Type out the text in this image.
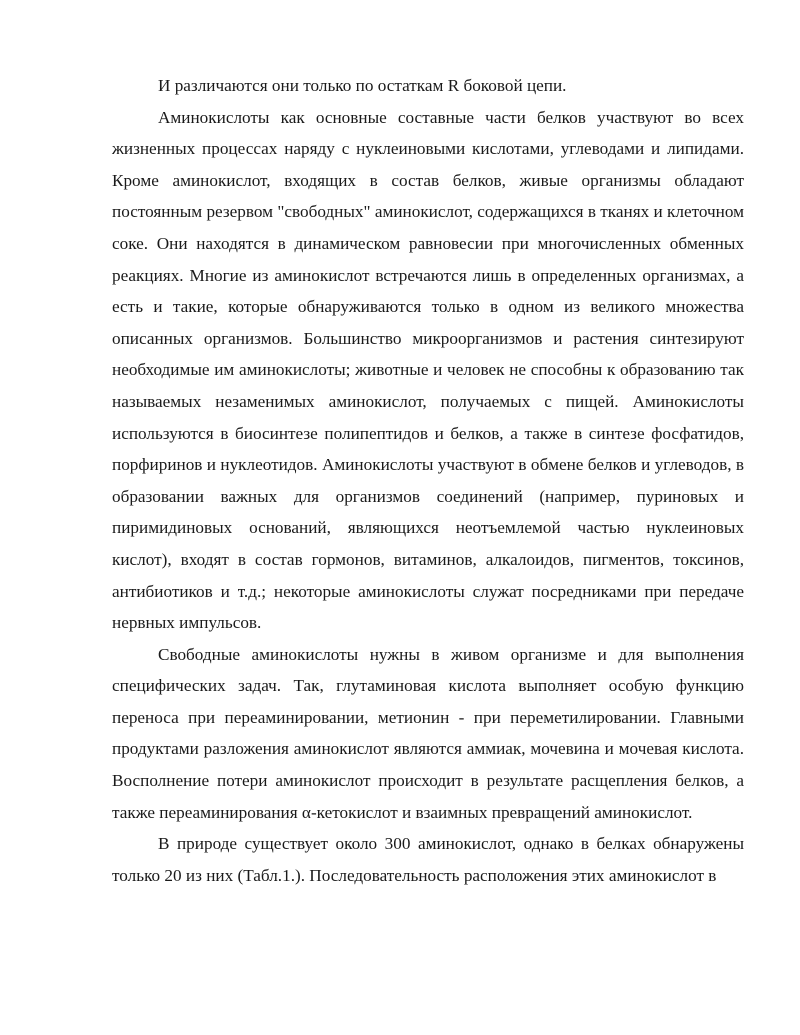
И различаются они только по остаткам R боковой цепи.

Аминокислоты как основные составные части белков участвуют во всех жизненных процессах наряду с нуклеиновыми кислотами, углеводами и липидами. Кроме аминокислот, входящих в состав белков, живые организмы обладают постоянным резервом "свободных" аминокислот, содержащихся в тканях и клеточном соке. Они находятся в динамическом равновесии при многочисленных обменных реакциях. Многие из аминокислот встречаются лишь в определенных организмах, а есть и такие, которые обнаруживаются только в одном из великого множества описанных организмов. Большинство микроорганизмов и растения синтезируют необходимые им аминокислоты; животные и человек не способны к образованию так называемых незаменимых аминокислот, получаемых с пищей. Аминокислоты используются в биосинтезе полипептидов и белков, а также в синтезе фосфатидов, порфиринов и нуклеотидов. Аминокислоты участвуют в обмене белков и углеводов, в образовании важных для организмов соединений (например, пуриновых и пиримидиновых оснований, являющихся неотъемлемой частью нуклеиновых кислот), входят в состав гормонов, витаминов, алкалоидов, пигментов, токсинов, антибиотиков и т.д.; некоторые аминокислоты служат посредниками при передаче нервных импульсов.

Свободные аминокислоты нужны в живом организме и для выполнения специфических задач. Так, глутаминовая кислота выполняет особую функцию переноса при переаминировании, метионин - при переметилировании. Главными продуктами разложения аминокислот являются аммиак, мочевина и мочевая кислота. Восполнение потери аминокислот происходит в результате расщепления белков, а также переаминирования α-кетокислот и взаимных превращений аминокислот.

В природе существует около 300 аминокислот, однако в белках обнаружены только 20 из них (Табл.1.). Последовательность расположения этих аминокислот в
